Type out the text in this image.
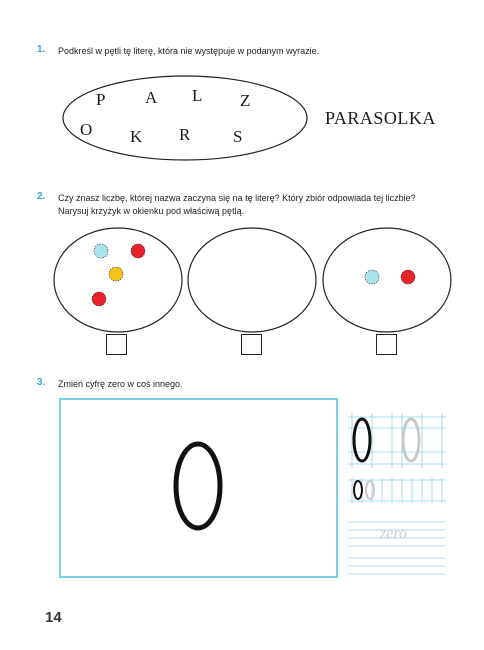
1. Podkreśl w pętli tę literę, która nie występuje w podanym wyrazie.
P A L Z
O K R	S
PARASOLKA
2. Czy znasz liczbę, której nazwa zaczyna się na tę literę? Który zbiór odpowiada tej liczbie?
Narysuj krzyżyk w okienku pod właściwą pętlą.
3. Zmień cyfrę zero w coś innego.
zero
14
